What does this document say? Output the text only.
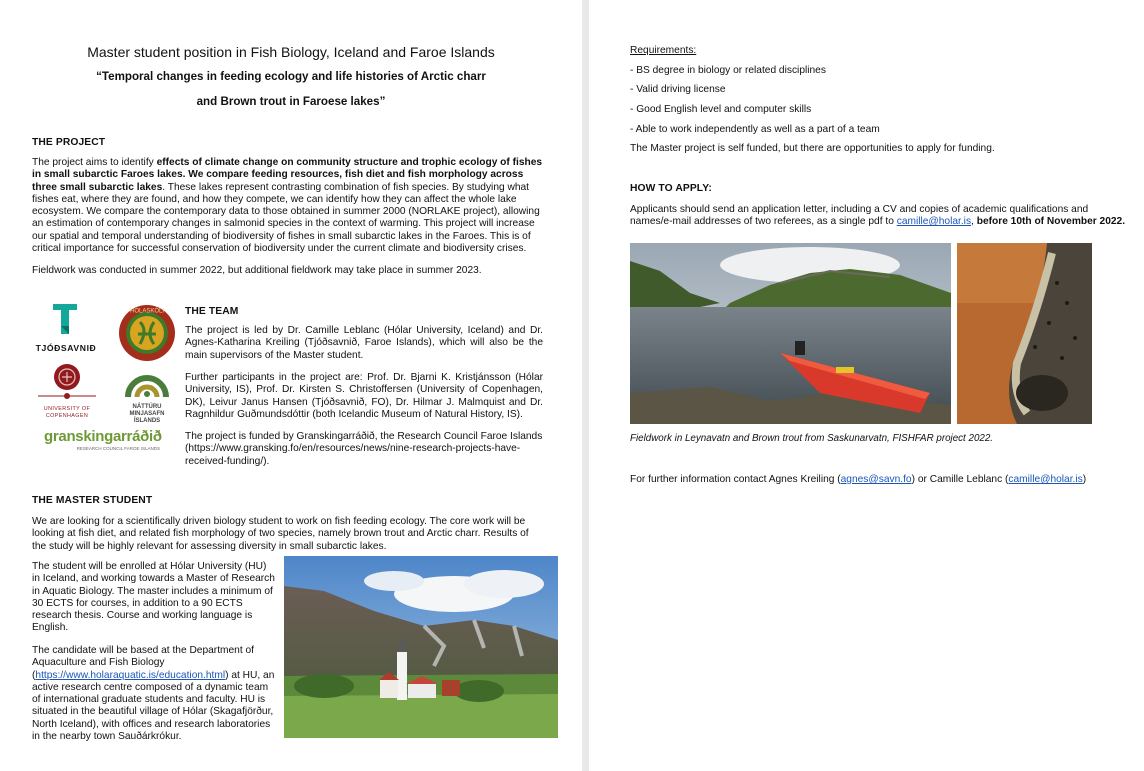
Master student position in Fish Biology, Iceland and Faroe Islands
“Temporal changes in feeding ecology and life histories of Arctic charr
and Brown trout in Faroese lakes”
THE PROJECT

The project aims to identify effects of climate change on community structure and trophic ecology of fishes in small subarctic Faroes lakes. We compare feeding resources, fish diet and fish morphology across three small subarctic lakes. These lakes represent contrasting combination of fish species. By studying what fishes eat, where they are found, and how they compete, we can identify how they can affect the whole lake ecosystem. We compare the contemporary data to those obtained in summer 2000 (NORLAKE project), allowing an estimation of contemporary changes in salmonid species in the context of warming. This project will increase our spatial and temporal understanding of biodiversity of fishes in small subarctic lakes in the Faroes. This is of critical importance for successful conservation of biodiversity under the current climate and biodiversity crises.

Fieldwork was conducted in summer 2022, but additional fieldwork may take place in summer 2023.

TJÓÐSAVNIÐ
HÓLASKÓLI
UNIVERSITY OF COPENHAGEN
NÁTTÚRU MINJASAFN ÍSLANDS
granskingarráðið
RESEARCH COUNCIL FAROE ISLANDS
THE TEAM

The project is led by Dr. Camille Leblanc (Hólar University, Iceland) and Dr. Agnes-Katharina Kreiling (Tjóðsavnið, Faroe Islands), which will also be the main supervisors of the Master student.

Further participants in the project are: Prof. Dr. Bjarni K. Kristjánsson (Hólar University, IS), Prof. Dr. Kirsten S. Christoffersen (University of Copenhagen, DK), Leivur Janus Hansen (Tjóðsavnið, FO), Dr. Hilmar J. Malmquist and Dr. Ragnhildur Guðmundsdóttir (both Icelandic Museum of Natural History, IS).

The project is funded by Granskingarráðið, the Research Council Faroe Islands (https://www.gransking.fo/en/resources/news/nine-research-projects-have-received-funding/).

THE MASTER STUDENT

We are looking for a scientifically driven biology student to work on fish feeding ecology. The core work will be looking at fish diet, and related fish morphology of two species, namely brown trout and Arctic charr. Results of the study will be highly relevant for assessing diversity in small subarctic lakes.

The student will be enrolled at Hólar University (HU) in Iceland, and working towards a Master of Research in Aquatic Biology. The master includes a minimum of 30 ECTS for courses, in addition to a 90 ECTS research thesis. Course and working language is English.

The candidate will be based at the Department of Aquaculture and Fish Biology (https://www.holaraquatic.is/education.html) at HU, an active research centre composed of a dynamic team of international graduate students and faculty. HU is situated in the beautiful village of Hólar (Skagafjörður, North Iceland), with offices and research laboratories in the nearby town Sauðárkrókur.

Requirements:
- BS degree in biology or related disciplines
- Valid driving license
- Good English level and computer skills
- Able to work independently as well as a part of a team
The Master project is self funded, but there are opportunities to apply for funding.
HOW TO APPLY:

Applicants should send an application letter, including a CV and copies of academic qualifications and names/e-mail addresses of two referees, as a single pdf to camille@holar.is, before 10th of November 2022.

Fieldwork in Leynavatn and Brown trout from Saskunarvatn, FISHFAR project 2022.

For further information contact Agnes Kreiling (agnes@savn.fo) or Camille Leblanc (camille@holar.is)
